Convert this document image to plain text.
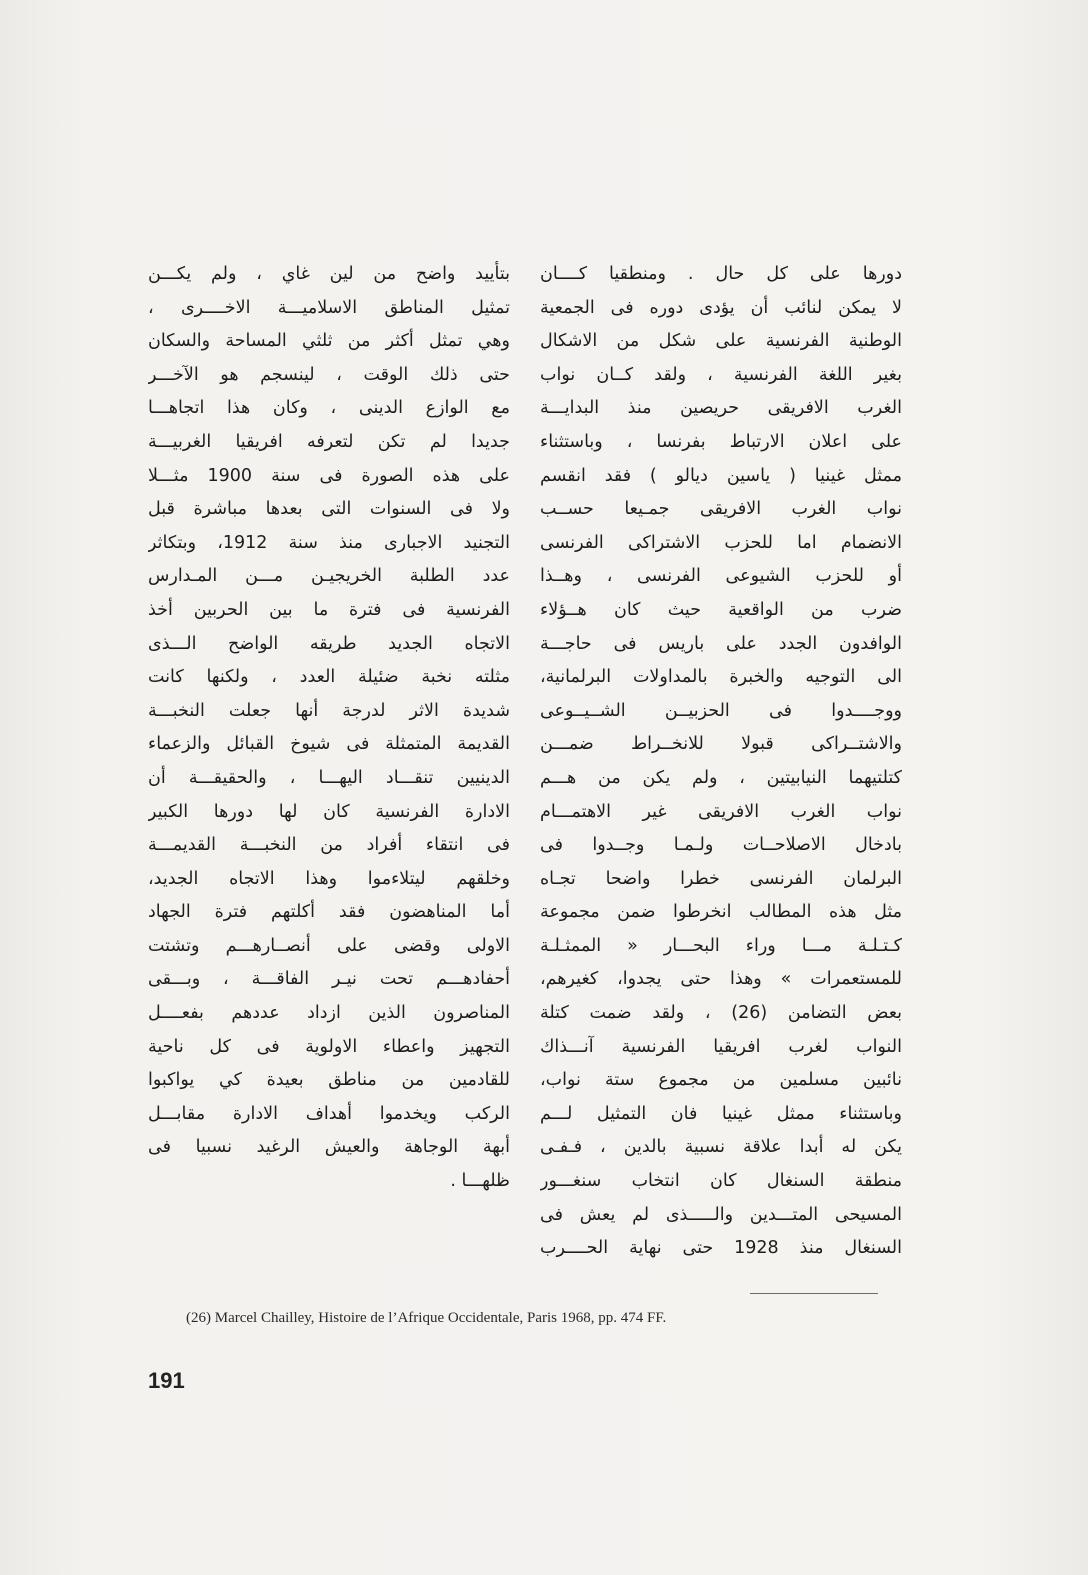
دورها على كل حال . ومنطقيا كــــان
لا يمكن لنائب أن يؤدى دوره فى الجمعية
الوطنية الفرنسية على شكل من الاشكال
بغير اللغة الفرنسية ، ولقد كــان نواب
الغرب الافريقى حريصين منذ البدايـــة
على اعلان الارتباط بفرنسا ، وباستثناء
ممثل غينيا ( ياسين ديالو ) فقد انقسم
نواب الغرب الافريقى جمـيعا حســب
الانضمام اما للحزب الاشتراكى الفرنسى
أو للحزب الشيوعى الفرنسى ، وهــذا
ضرب من الواقعية حيث كان هــؤلاء
الوافدون الجدد على باريس فى حاجـــة
الى التوجيه والخبرة بالمداولات البرلمانية،
ووجــــدوا فى الحزبيــن الشــيــوعى
والاشتــراكى قبولا للانخــراط ضمـــن
كتلتيهما النيابيتين ، ولم يكن من هـــم
نواب الغرب الافريقى غير الاهتمـــام
بادخال الاصلاحــات ولـمـا وجــدوا فى
البرلمان الفرنسى خطرا واضحا تجـاه
مثل هذه المطالب انخرطوا ضمن مجموعة
كـتـلـة مـــا وراء البحـــار « الممثـلـة
للمستعمرات » وهذا حتى يجدوا، كغيرهم،
بعض التضامن (26) ، ولقد ضمت كتلة
النواب لغرب افريقيا الفرنسية آنـــذاك
نائبين مسلمين من مجموع ستة نواب،
وباستثناء ممثل غينيا فان التمثيل لـــم
يكن له أبدا علاقة نسبية بالدين ، فـفـى
منطقة السنغال كان انتخاب سنغـــور
المسيحى المتـــدين والـــــذى لم يعش فى
السنغال منذ 1928 حتى نهاية الحــــرب
بتأييد واضح من لين غاي ، ولم يكـــن
تمثيل المناطق الاسلاميـــة الاخــــرى ،
وهي تمثل أكثر من ثلثي المساحة والسكان
حتى ذلك الوقت ، لينسجم هو الآخـــر
مع الوازع الدينى ، وكان هذا اتجاهـــا
جديدا لم تكن لتعرفه افريقيا الغربيـــة
على هذه الصورة فى سنة 1900 مثـــلا
ولا فى السنوات التى بعدها مباشرة قبل
التجنيد الاجبارى منذ سنة 1912، وبتكاثر
عدد الطلبة الخريجيـن مـــن المـدارس
الفرنسية فى فترة ما بين الحربين أخذ
الاتجاه الجديد طريقه الواضح الـــذى
مثلته نخبة ضئيلة العدد ، ولكنها كانت
شديدة الاثر لدرجة أنها جعلت النخبـــة
القديمة المتمثلة فى شيوخ القبائل والزعماء
الدينيين تنقـــاد اليهـــا ، والحقيقـــة أن
الادارة الفرنسية كان لها دورها الكبير
فى انتقاء أفراد من النخبـــة القديمـــة
وخلقهم ليتلاءموا وهذا الاتجاه الجديد،
أما المناهضون فقد أكلتهم فترة الجهاد
الاولى وقضى على أنصــارهـــم وتشتت
أحفادهـــم تحت نيـر الفاقـــة ، وبـــقى
المناصرون الذين ازداد عددهم بفعــــل
التجهيز واعطاء الاولوية فى كل ناحية
للقادمين من مناطق بعيدة كي يواكبوا
الركب ويخدموا أهداف الادارة مقابـــل
أبهة الوجاهة والعيش الرغيد نسبيا فى
ظلهـــا .
(26) Marcel Chailley, Histoire de l’Afrique Occidentale, Paris 1968, pp. 474 FF.
191
